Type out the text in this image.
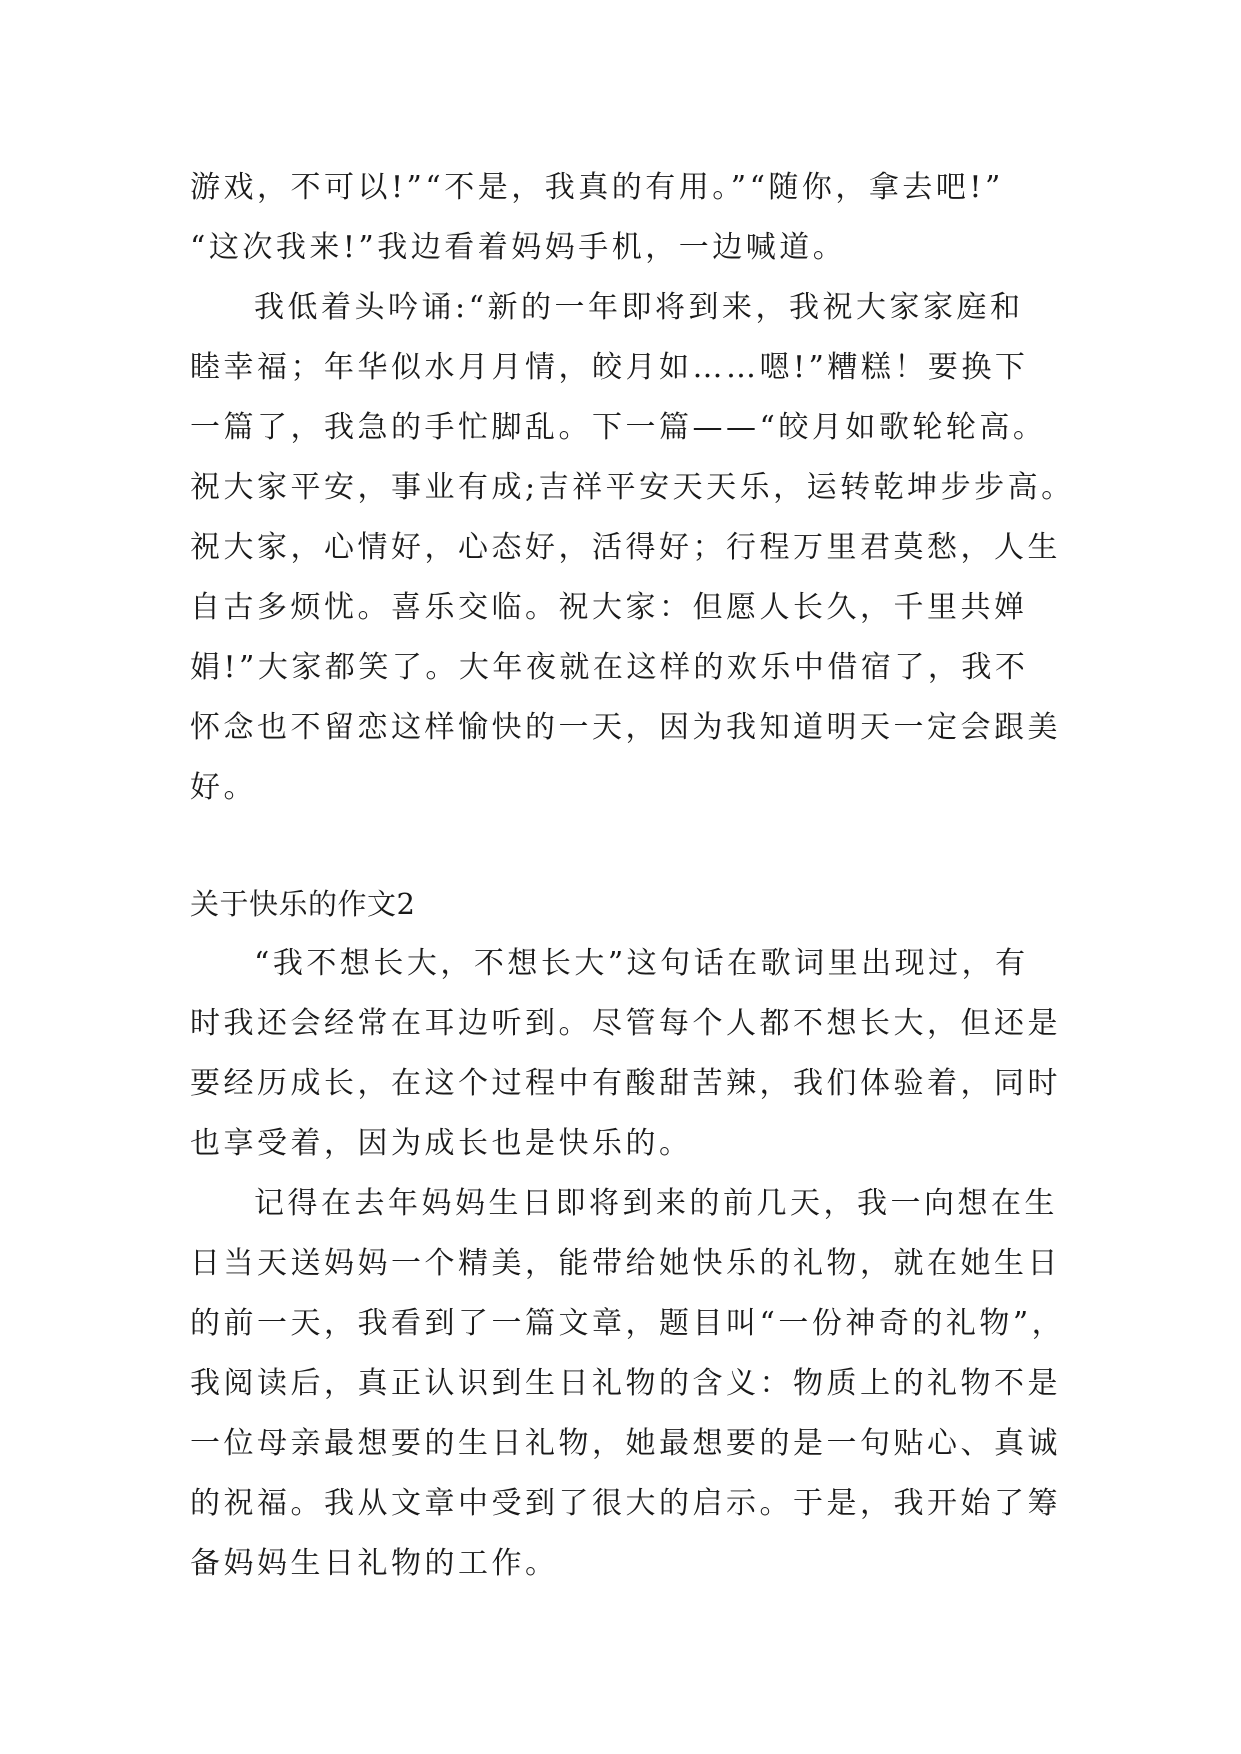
游戏，不可以!”“不是，我真的有用。”“随你，拿去吧!”
“这次我来!”我边看着妈妈手机，一边喊道。
我低着头吟诵:“新的一年即将到来，我祝大家家庭和
睦幸福；年华似水月月情，皎月如……嗯!”糟糕！要换下
一篇了，我急的手忙脚乱。下一篇——“皎月如歌轮轮高。
祝大家平安，事业有成;吉祥平安天天乐，运转乾坤步步高。
祝大家，心情好，心态好，活得好；行程万里君莫愁，人生
自古多烦忧。喜乐交临。祝大家：但愿人长久，千里共婵
娟!”大家都笑了。大年夜就在这样的欢乐中借宿了，我不
怀念也不留恋这样愉快的一天，因为我知道明天一定会跟美
好。
关于快乐的作文2
“我不想长大，不想长大”这句话在歌词里出现过，有
时我还会经常在耳边听到。尽管每个人都不想长大，但还是
要经历成长，在这个过程中有酸甜苦辣，我们体验着，同时
也享受着，因为成长也是快乐的。
记得在去年妈妈生日即将到来的前几天，我一向想在生
日当天送妈妈一个精美，能带给她快乐的礼物，就在她生日
的前一天，我看到了一篇文章，题目叫“一份神奇的礼物”，
我阅读后，真正认识到生日礼物的含义：物质上的礼物不是
一位母亲最想要的生日礼物，她最想要的是一句贴心、真诚
的祝福。我从文章中受到了很大的启示。于是，我开始了筹
备妈妈生日礼物的工作。
